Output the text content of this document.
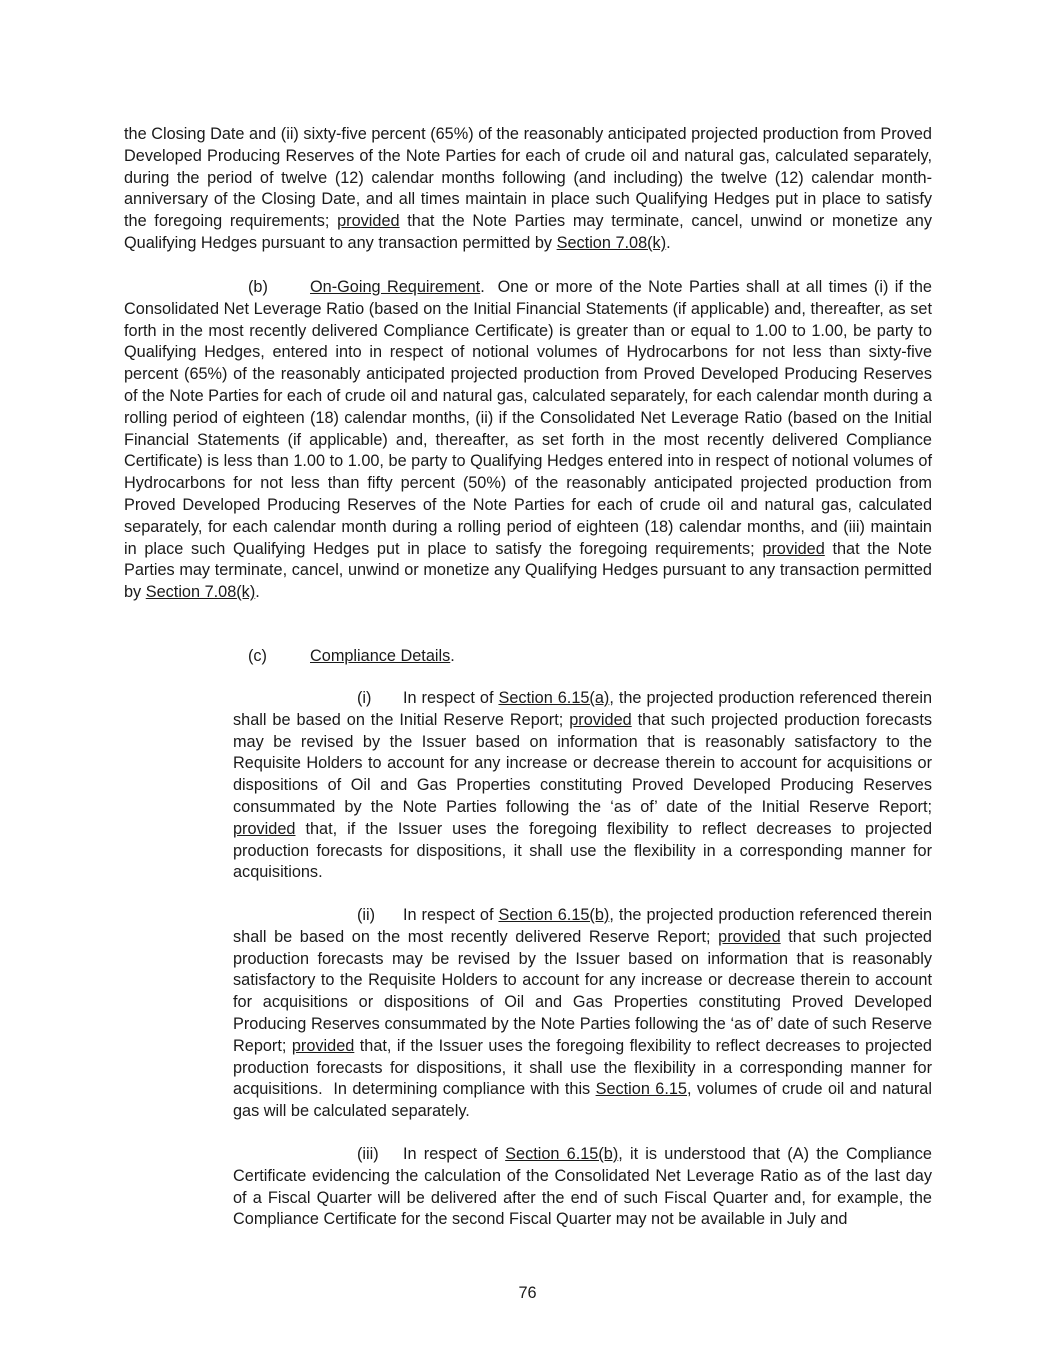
the Closing Date and (ii) sixty-five percent (65%) of the reasonably anticipated projected production from Proved Developed Producing Reserves of the Note Parties for each of crude oil and natural gas, calculated separately, during the period of twelve (12) calendar months following (and including) the twelve (12) calendar month-anniversary of the Closing Date, and all times maintain in place such Qualifying Hedges put in place to satisfy the foregoing requirements; provided that the Note Parties may terminate, cancel, unwind or monetize any Qualifying Hedges pursuant to any transaction permitted by Section 7.08(k).

(b)	On-Going Requirement.  One or more of the Note Parties shall at all times (i) if the Consolidated Net Leverage Ratio (based on the Initial Financial Statements (if applicable) and, thereafter, as set forth in the most recently delivered Compliance Certificate) is greater than or equal to 1.00 to 1.00, be party to Qualifying Hedges, entered into in respect of notional volumes of Hydrocarbons for not less than sixty-five percent (65%) of the reasonably anticipated projected production from Proved Developed Producing Reserves of the Note Parties for each of crude oil and natural gas, calculated separately, for each calendar month during a rolling period of eighteen (18) calendar months, (ii) if the Consolidated Net Leverage Ratio (based on the Initial Financial Statements (if applicable) and, thereafter, as set forth in the most recently delivered Compliance Certificate) is less than 1.00 to 1.00, be party to Qualifying Hedges entered into in respect of notional volumes of Hydrocarbons for not less than fifty percent (50%) of the reasonably anticipated projected production from Proved Developed Producing Reserves of the Note Parties for each of crude oil and natural gas, calculated separately, for each calendar month during a rolling period of eighteen (18) calendar months, and (iii) maintain in place such Qualifying Hedges put in place to satisfy the foregoing requirements; provided that the Note Parties may terminate, cancel, unwind or monetize any Qualifying Hedges pursuant to any transaction permitted by Section 7.08(k).

(c)	Compliance Details.

(i) In respect of Section 6.15(a), the projected production referenced therein shall be based on the Initial Reserve Report; provided that such projected production forecasts may be revised by the Issuer based on information that is reasonably satisfactory to the Requisite Holders to account for any increase or decrease therein to account for acquisitions or dispositions of Oil and Gas Properties constituting Proved Developed Producing Reserves consummated by the Note Parties following the ‘as of’ date of the Initial Reserve Report; provided that, if the Issuer uses the foregoing flexibility to reflect decreases to projected production forecasts for dispositions, it shall use the flexibility in a corresponding manner for acquisitions.

(ii) In respect of Section 6.15(b), the projected production referenced therein shall be based on the most recently delivered Reserve Report; provided that such projected production forecasts may be revised by the Issuer based on information that is reasonably satisfactory to the Requisite Holders to account for any increase or decrease therein to account for acquisitions or dispositions of Oil and Gas Properties constituting Proved Developed Producing Reserves consummated by the Note Parties following the ‘as of’ date of such Reserve Report; provided that, if the Issuer uses the foregoing flexibility to reflect decreases to projected production forecasts for dispositions, it shall use the flexibility in a corresponding manner for acquisitions.  In determining compliance with this Section 6.15, volumes of crude oil and natural gas will be calculated separately.

(iii) In respect of Section 6.15(b), it is understood that (A) the Compliance Certificate evidencing the calculation of the Consolidated Net Leverage Ratio as of the last day of a Fiscal Quarter will be delivered after the end of such Fiscal Quarter and, for example, the Compliance Certificate for the second Fiscal Quarter may not be available in July and

76
